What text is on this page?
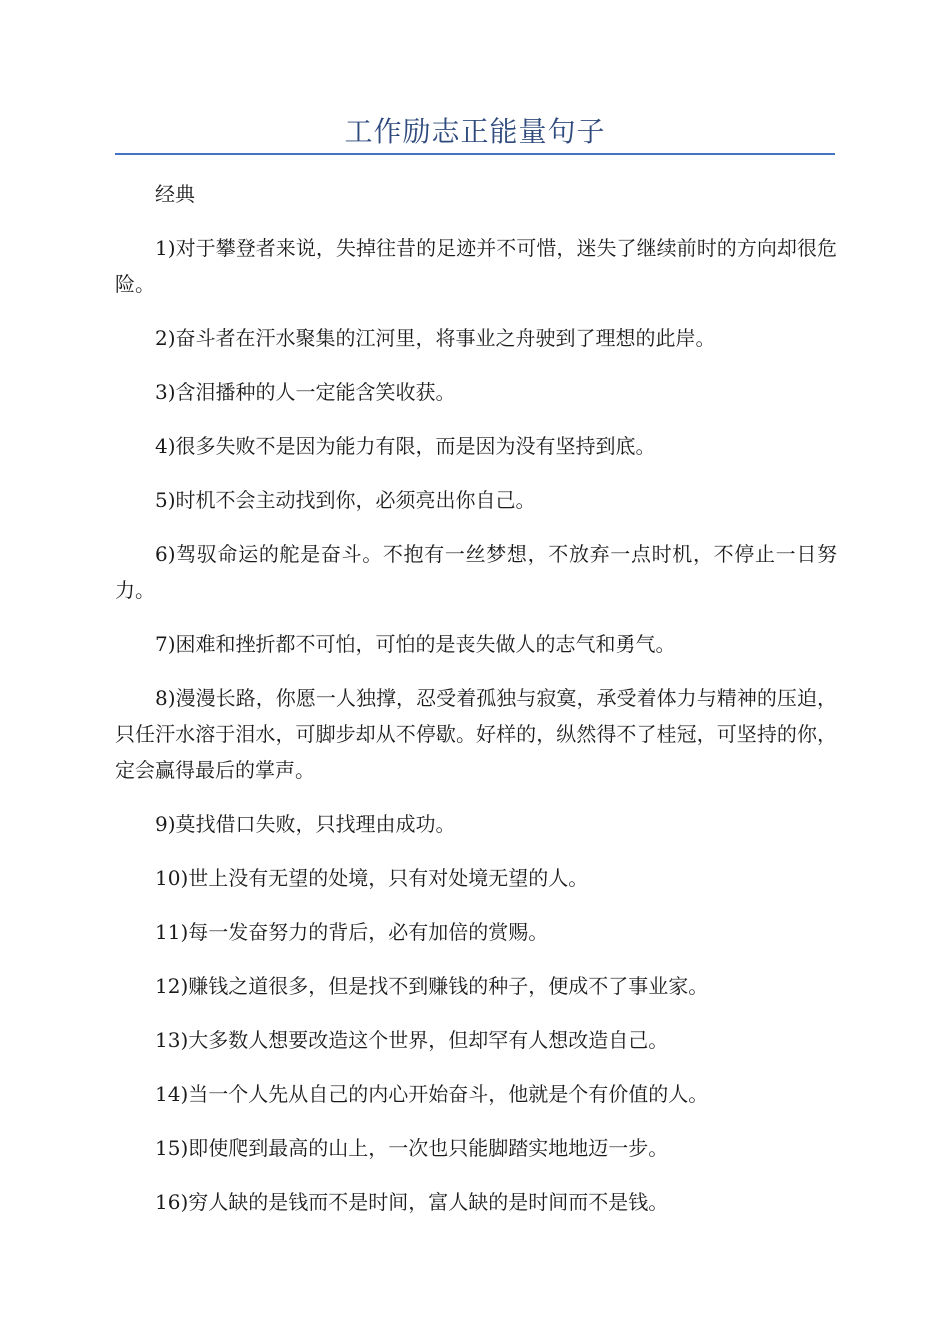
工作励志正能量句子

经典

1)对于攀登者来说，失掉往昔的足迹并不可惜，迷失了继续前时的方向却很危险。

2)奋斗者在汗水聚集的江河里，将事业之舟驶到了理想的此岸。

3)含泪播种的人一定能含笑收获。

4)很多失败不是因为能力有限，而是因为没有坚持到底。

5)时机不会主动找到你，必须亮出你自己。

6)驾驭命运的舵是奋斗。不抱有一丝梦想，不放弃一点时机，不停止一日努力。

7)困难和挫折都不可怕，可怕的是丧失做人的志气和勇气。

8)漫漫长路，你愿一人独撑，忍受着孤独与寂寞，承受着体力与精神的压迫，只任汗水溶于泪水，可脚步却从不停歇。好样的，纵然得不了桂冠，可坚持的你，定会赢得最后的掌声。

9)莫找借口失败，只找理由成功。

10)世上没有无望的处境，只有对处境无望的人。

11)每一发奋努力的背后，必有加倍的赏赐。

12)赚钱之道很多，但是找不到赚钱的种子，便成不了事业家。

13)大多数人想要改造这个世界，但却罕有人想改造自己。

14)当一个人先从自己的内心开始奋斗，他就是个有价值的人。

15)即使爬到最高的山上，一次也只能脚踏实地地迈一步。

16)穷人缺的是钱而不是时间，富人缺的是时间而不是钱。
